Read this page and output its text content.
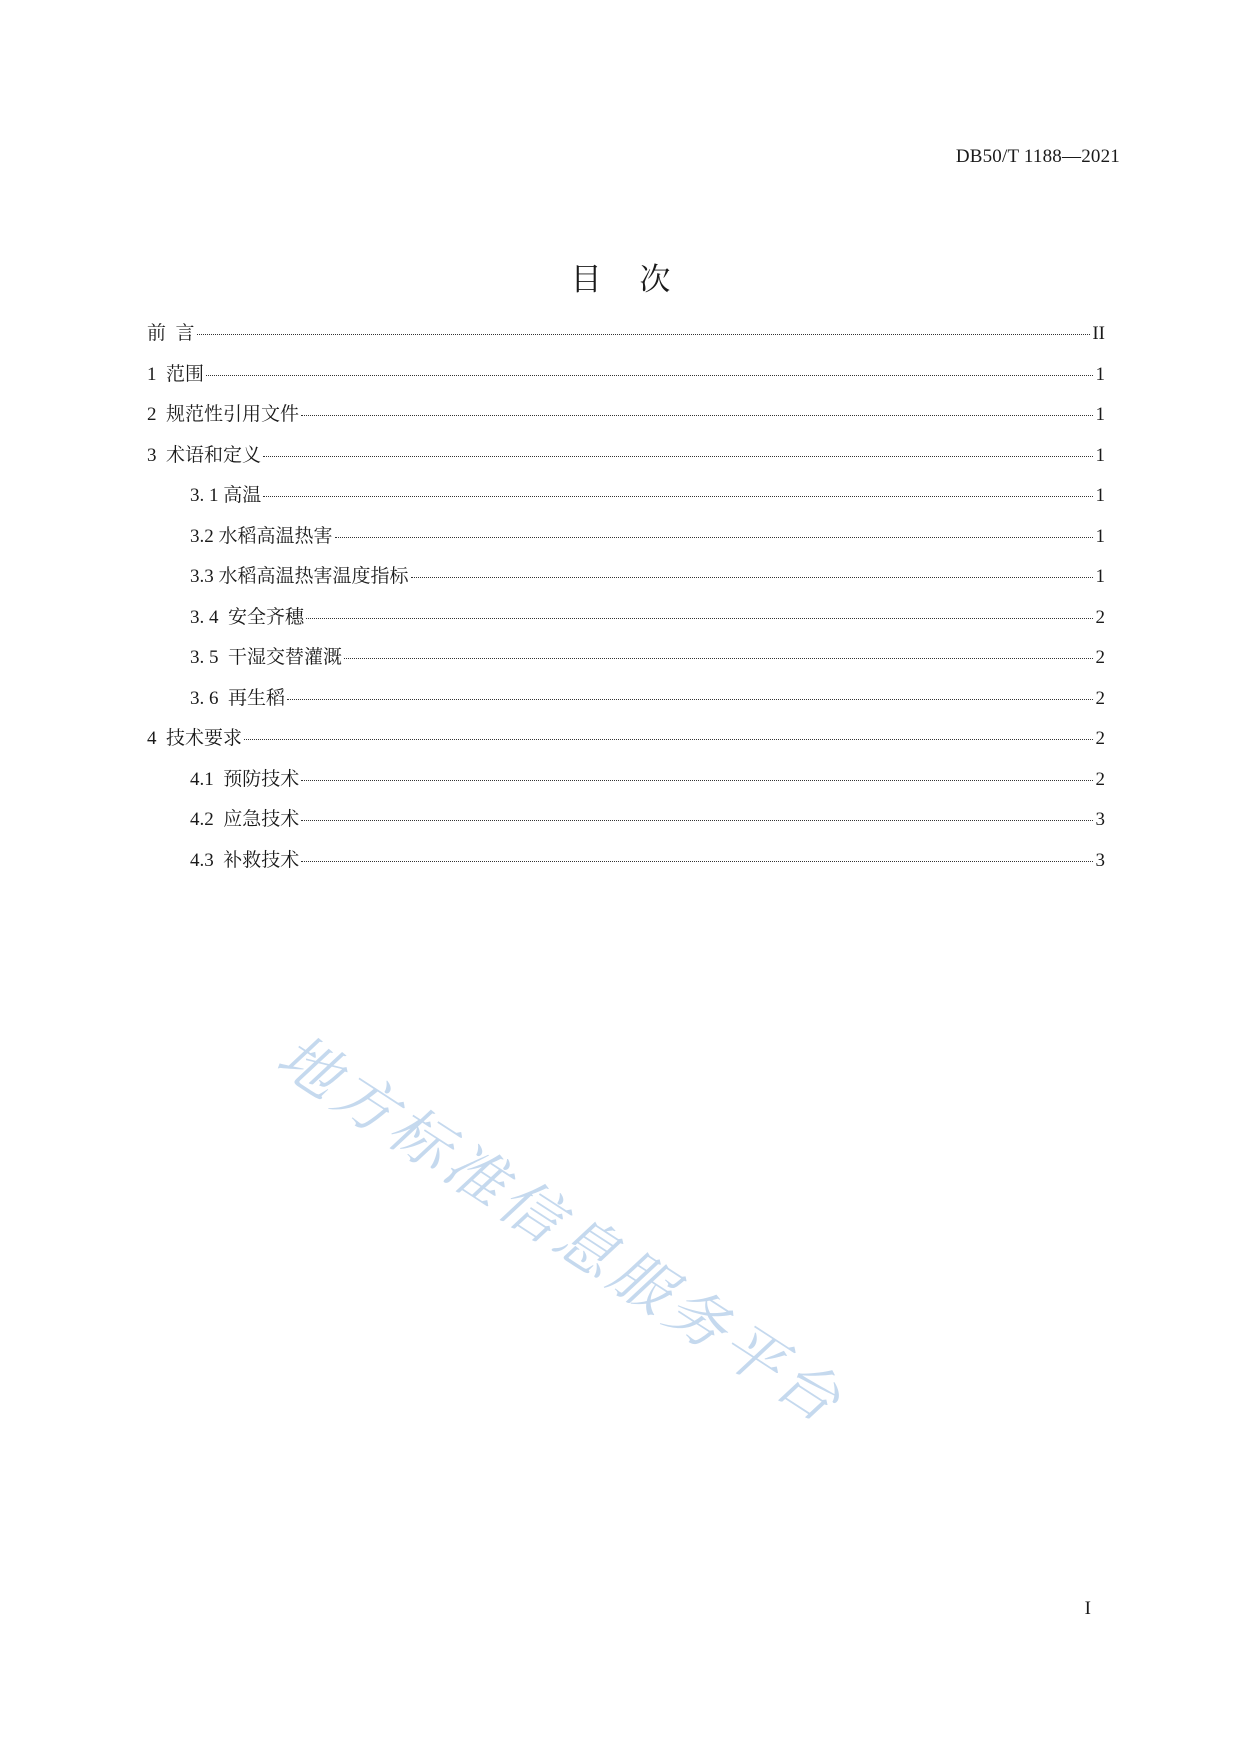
DB50/T 1188—2021
目 次
前  言	II
1  范围	1
2  规范性引用文件	1
3  术语和定义	1
3. 1 高温	1
3.2 水稻高温热害	1
3.3 水稻高温热害温度指标	1
3. 4  安全齐穗	2
3. 5  干湿交替灌溉	2
3. 6  再生稻	2
4  技术要求	2
4.1  预防技术	2
4.2  应急技术	3
4.3  补救技术	3
地方标准信息服务平台
I
